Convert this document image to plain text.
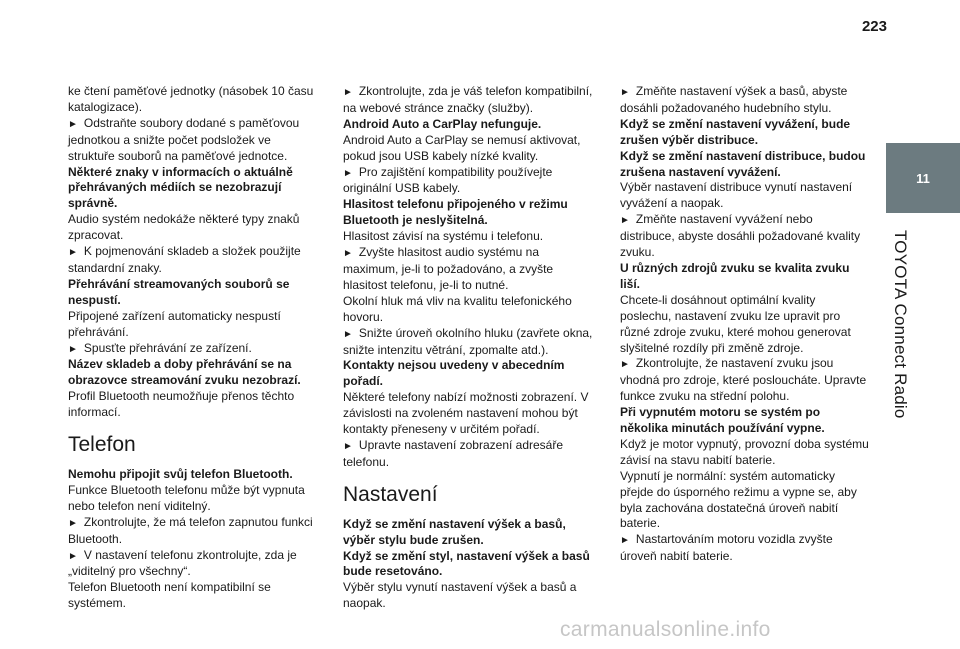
223
11
TOYOTA Connect Radio

ke čtení paměťové jednotky (násobek 10 času katalogizace).

► Odstraňte soubory dodané s paměťovou jednotkou a snižte počet podsložek ve struktuře souborů na paměťové jednotce.

Některé znaky v informacích o aktuálně přehrávaných médiích se nezobrazují správně.

Audio systém nedokáže některé typy znaků zpracovat.

► K pojmenování skladeb a složek použijte standardní znaky.

Přehrávání streamovaných souborů se nespustí.

Připojené zařízení automaticky nespustí přehrávání.

► Spusťte přehrávání ze zařízení.

Název skladeb a doby přehrávání se na obrazovce streamování zvuku nezobrazí.

Profil Bluetooth neumožňuje přenos těchto informací.

Telefon

Nemohu připojit svůj telefon Bluetooth.

Funkce Bluetooth telefonu může být vypnuta nebo telefon není viditelný.

► Zkontrolujte, že má telefon zapnutou funkci Bluetooth.

► V nastavení telefonu zkontrolujte, zda je „viditelný pro všechny“.

Telefon Bluetooth není kompatibilní se systémem.

► Zkontrolujte, zda je váš telefon kompatibilní, na webové stránce značky (služby).

Android Auto a CarPlay nefunguje.

Android Auto a CarPlay se nemusí aktivovat, pokud jsou USB kabely nízké kvality.

► Pro zajištění kompatibility používejte originální USB kabely.

Hlasitost telefonu připojeného v režimu Bluetooth je neslyšitelná.

Hlasitost závisí na systému i telefonu.

► Zvyšte hlasitost audio systému na maximum, je-li to požadováno, a zvyšte hlasitost telefonu, je-li to nutné.

Okolní hluk má vliv na kvalitu telefonického hovoru.

► Snižte úroveň okolního hluku (zavřete okna, snižte intenzitu větrání, zpomalte atd.).

Kontakty nejsou uvedeny v abecedním pořadí.

Některé telefony nabízí možnosti zobrazení. V závislosti na zvoleném nastavení mohou být kontakty přeneseny v určitém pořadí.

► Upravte nastavení zobrazení adresáře telefonu.

Nastavení

Když se změní nastavení výšek a basů, výběr stylu bude zrušen.

Když se změní styl, nastavení výšek a basů bude resetováno.

Výběr stylu vynutí nastavení výšek a basů a naopak.

► Změňte nastavení výšek a basů, abyste dosáhli požadovaného hudebního stylu.

Když se změní nastavení vyvážení, bude zrušen výběr distribuce.

Když se změní nastavení distribuce, budou zrušena nastavení vyvážení.

Výběr nastavení distribuce vynutí nastavení vyvážení a naopak.

► Změňte nastavení vyvážení nebo distribuce, abyste dosáhli požadované kvality zvuku.

U různých zdrojů zvuku se kvalita zvuku liší.

Chcete-li dosáhnout optimální kvality poslechu, nastavení zvuku lze upravit pro různé zdroje zvuku, které mohou generovat slyšitelné rozdíly při změně zdroje.

► Zkontrolujte, že nastavení zvuku jsou vhodná pro zdroje, které posloucháte. Upravte funkce zvuku na střední polohu.

Při vypnutém motoru se systém po několika minutách používání vypne.

Když je motor vypnutý, provozní doba systému závisí na stavu nabití baterie.

Vypnutí je normální: systém automaticky přejde do úsporného režimu a vypne se, aby byla zachována dostatečná úroveň nabití baterie.

► Nastartováním motoru vozidla zvyšte úroveň nabití baterie.

carmanualsonline.info
